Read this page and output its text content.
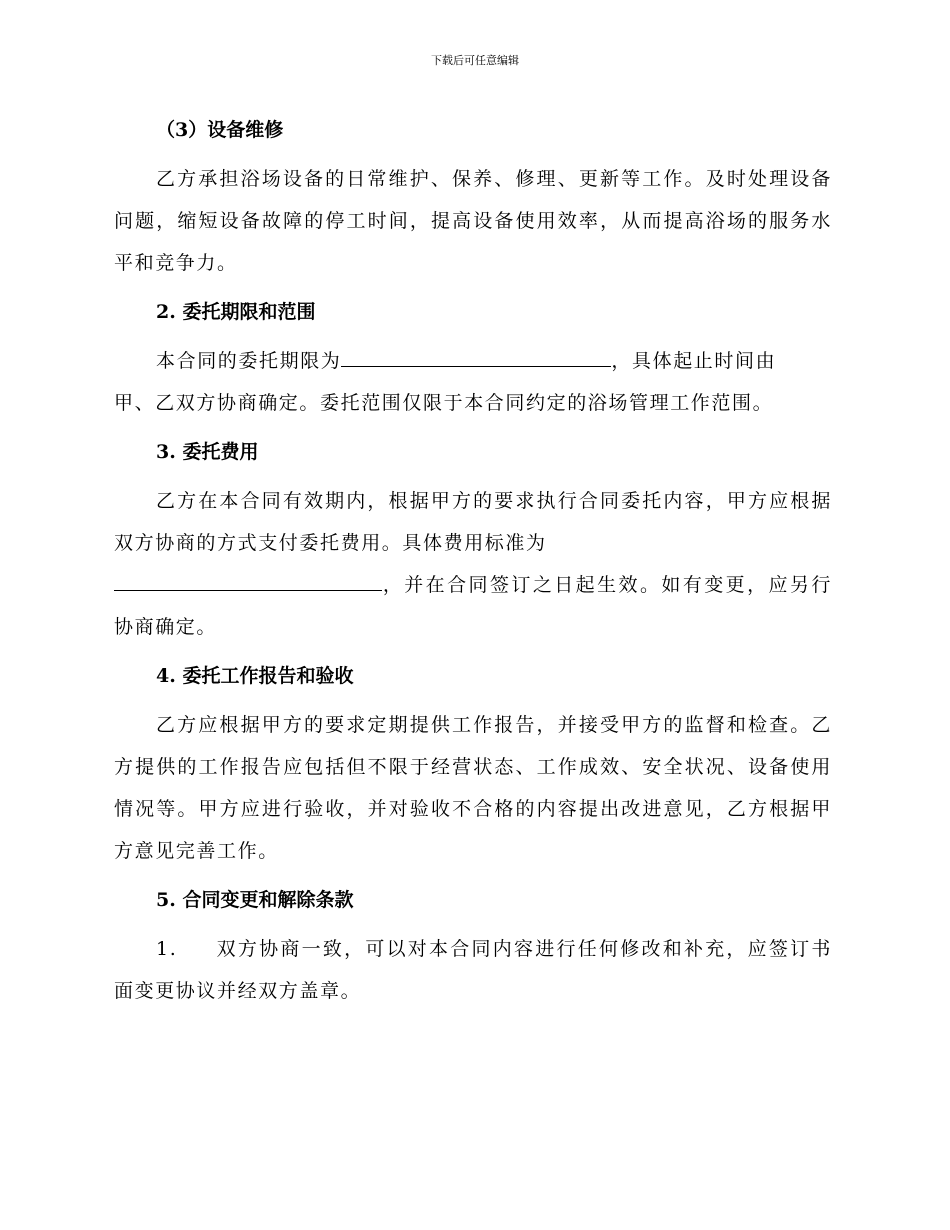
下载后可任意编辑
（3）设备维修

乙方承担浴场设备的日常维护、保养、修理、更新等工作。及时处理设备问题，缩短设备故障的停工时间，提高设备使用效率，从而提高浴场的服务水平和竞争力。

2. 委托期限和范围

本合同的委托期限为	，具体起止时间由

甲、乙双方协商确定。委托范围仅限于本合同约定的浴场管理工作范围。

3. 委托费用

乙方在本合同有效期内，根据甲方的要求执行合同委托内容，甲方应根据双方协商的方式支付委托费用。具体费用标准为
，并在合同签订之日起生效。如有变更，应另行协商确定。

4. 委托工作报告和验收

乙方应根据甲方的要求定期提供工作报告，并接受甲方的监督和检查。乙方提供的工作报告应包括但不限于经营状态、工作成效、安全状况、设备使用情况等。甲方应进行验收，并对验收不合格的内容提出改进意见，乙方根据甲方意见完善工作。

5. 合同变更和解除条款

1. 双方协商一致，可以对本合同内容进行任何修改和补充，应签订书面变更协议并经双方盖章。
